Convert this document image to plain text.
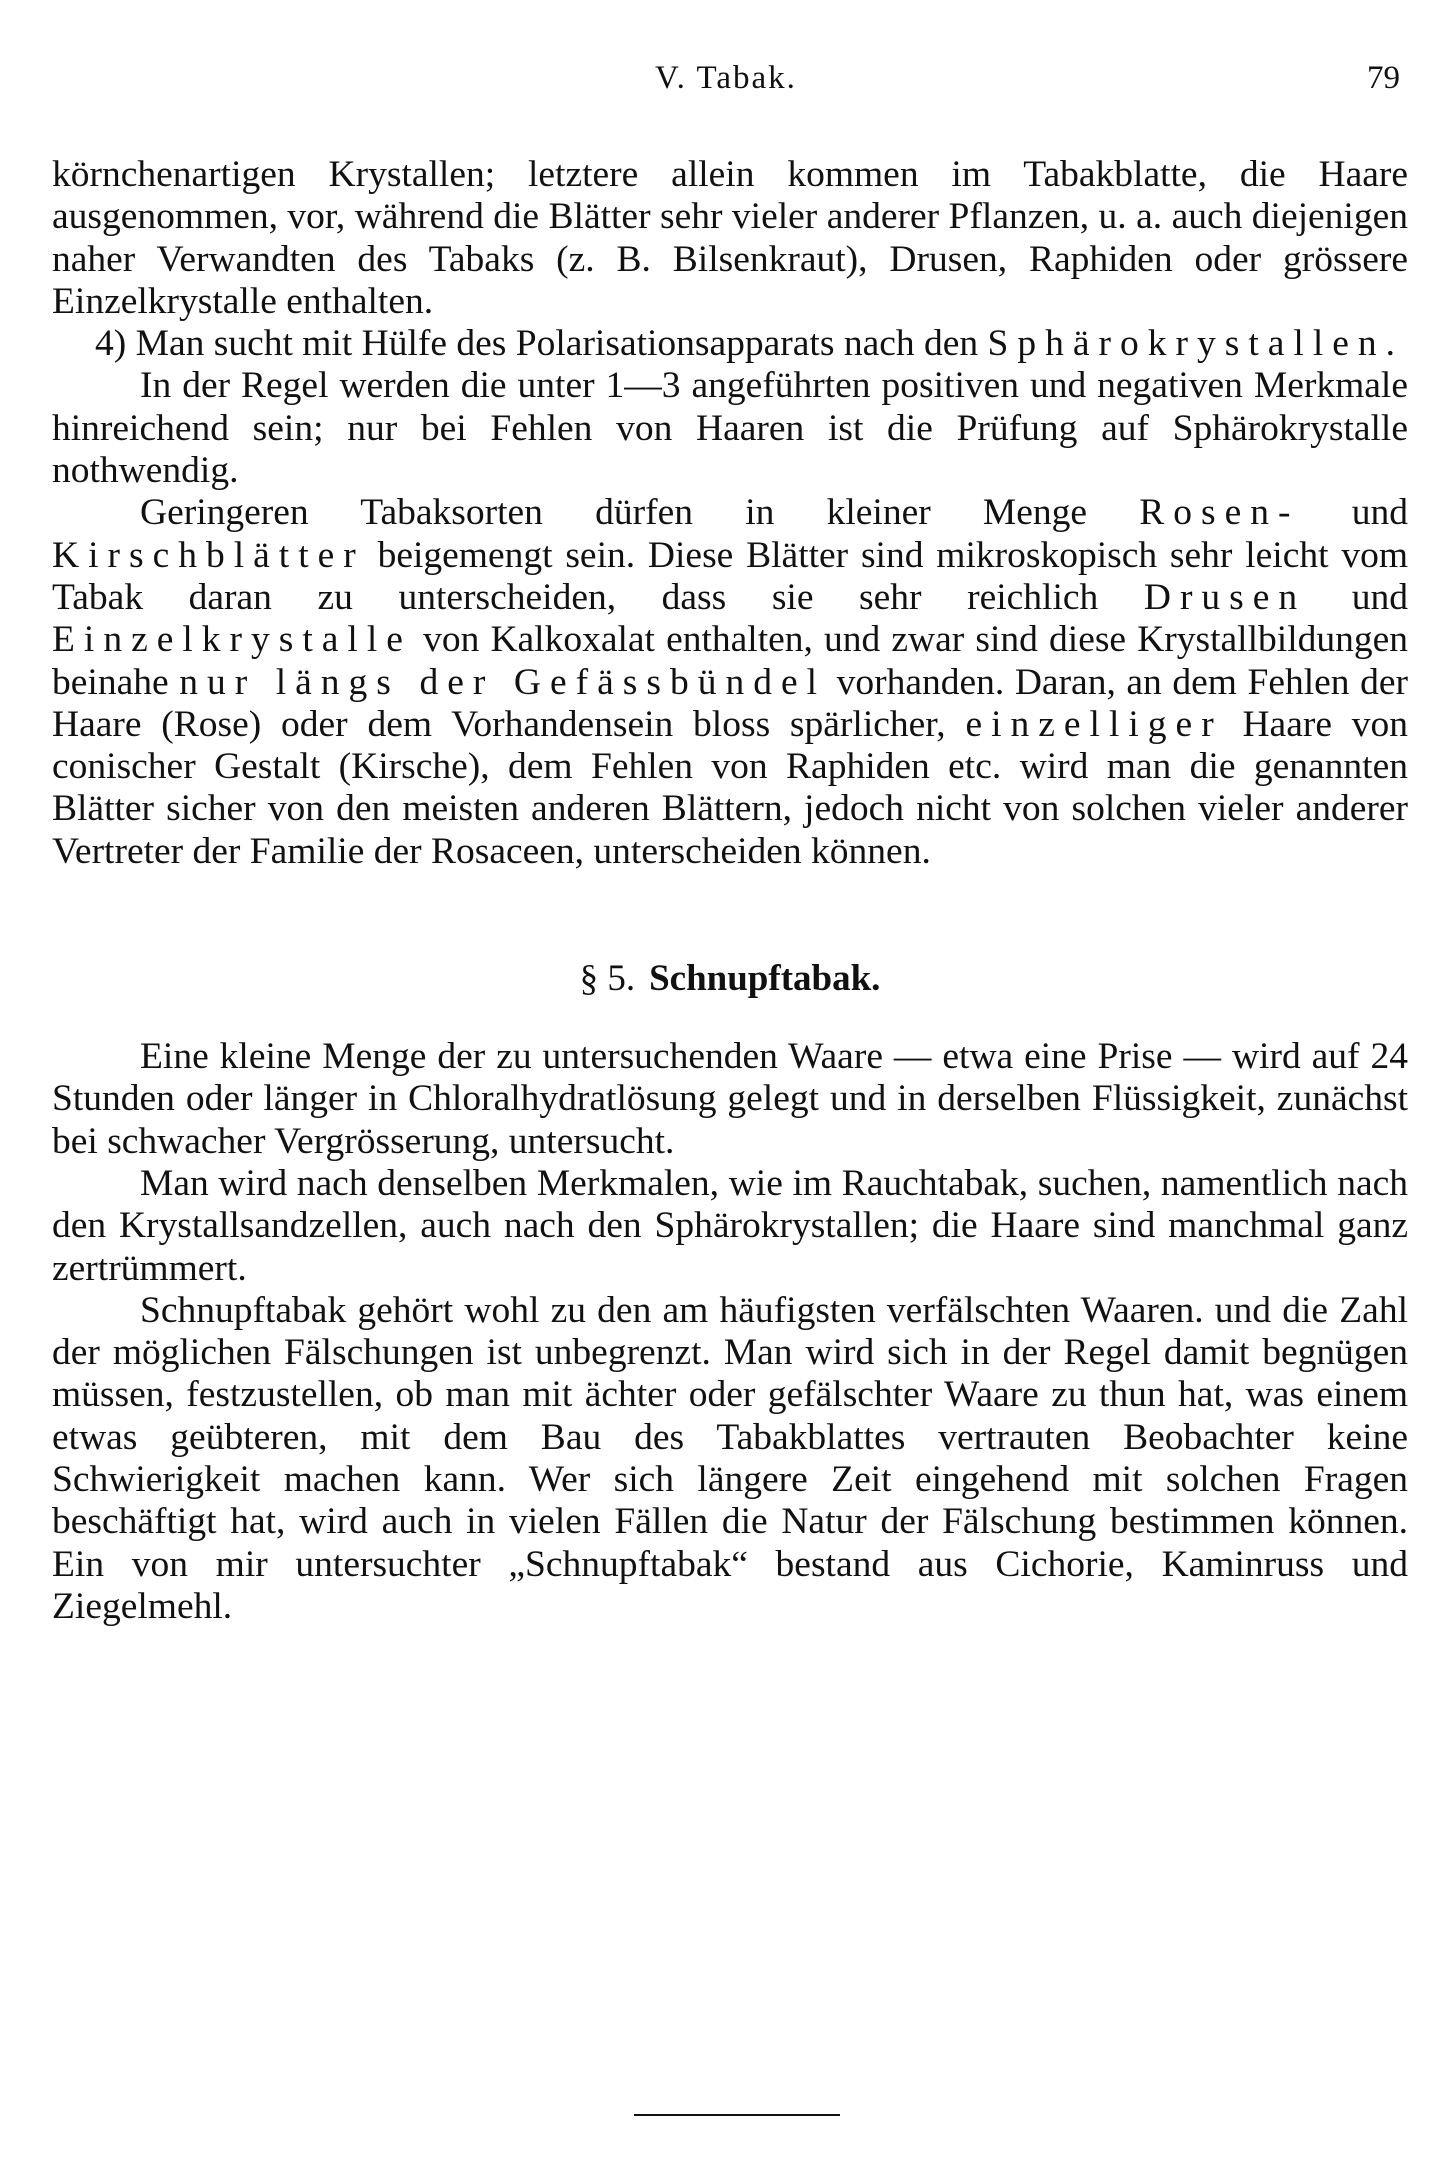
V. Tabak.	79

körnchenartigen Krystallen; letztere allein kommen im Tabakblatte, die Haare ausgenommen, vor, während die Blätter sehr vieler anderer Pflanzen, u. a. auch diejenigen naher Verwandten des Tabaks (z. B. Bilsenkraut), Drusen, Raphiden oder grössere Einzelkrystalle enthalten.

4) Man sucht mit Hülfe des Polarisationsapparats nach den Sphärokrystallen.

In der Regel werden die unter 1—3 angeführten positiven und negativen Merkmale hinreichend sein; nur bei Fehlen von Haaren ist die Prüfung auf Sphärokrystalle nothwendig.

Geringeren Tabaksorten dürfen in kleiner Menge Rosen- und Kirschblätter beigemengt sein. Diese Blätter sind mikroskopisch sehr leicht vom Tabak daran zu unterscheiden, dass sie sehr reichlich Drusen und Einzelkrystalle von Kalkoxalat enthalten, und zwar sind diese Krystallbildungen beinahe nur längs der Gefässbündel vorhanden. Daran, an dem Fehlen der Haare (Rose) oder dem Vorhandensein bloss spärlicher, einzelliger Haare von conischer Gestalt (Kirsche), dem Fehlen von Raphiden etc. wird man die genannten Blätter sicher von den meisten anderen Blättern, jedoch nicht von solchen vieler anderer Vertreter der Familie der Rosaceen, unterscheiden können.

§ 5. Schnupftabak.

Eine kleine Menge der zu untersuchenden Waare — etwa eine Prise — wird auf 24 Stunden oder länger in Chloralhydratlösung gelegt und in derselben Flüssigkeit, zunächst bei schwacher Vergrösserung, untersucht.

Man wird nach denselben Merkmalen, wie im Rauchtabak, suchen, namentlich nach den Krystallsandzellen, auch nach den Sphärokrystallen; die Haare sind manchmal ganz zertrümmert.

Schnupftabak gehört wohl zu den am häufigsten verfälschten Waaren. und die Zahl der möglichen Fälschungen ist unbegrenzt. Man wird sich in der Regel damit begnügen müssen, festzustellen, ob man mit ächter oder gefälschter Waare zu thun hat, was einem etwas geübteren, mit dem Bau des Tabakblattes vertrauten Beobachter keine Schwierigkeit machen kann. Wer sich längere Zeit eingehend mit solchen Fragen beschäftigt hat, wird auch in vielen Fällen die Natur der Fälschung bestimmen können. Ein von mir untersuchter „Schnupftabak“ bestand aus Cichorie, Kaminruss und Ziegelmehl.
